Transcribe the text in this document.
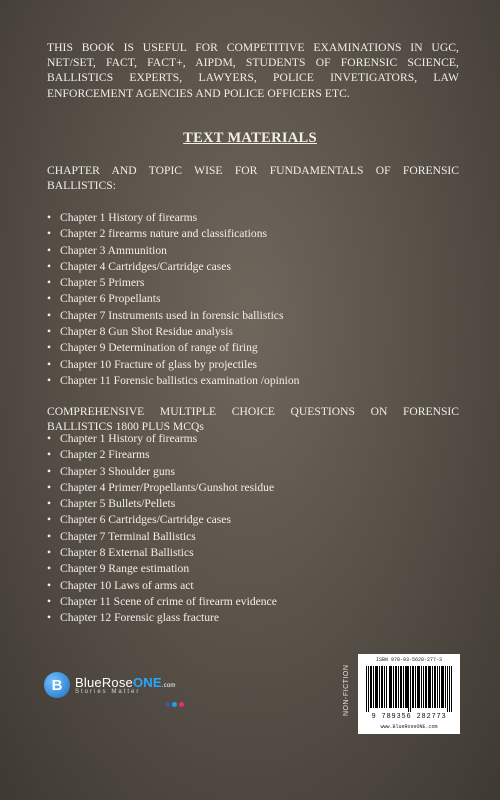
THIS BOOK IS USEFUL FOR COMPETITIVE EXAMINATIONS IN UGC, NET/SET, FACT, FACT+, AIPDM, STUDENTS OF FORENSIC SCIENCE, BALLISTICS EXPERTS, LAWYERS, POLICE INVETIGATORS, LAW ENFORCEMENT AGENCIES AND POLICE OFFICERS ETC.
TEXT MATERIALS
CHAPTER AND TOPIC WISE FOR FUNDAMENTALS OF FORENSIC BALLISTICS:
• Chapter 1 History of firearms
• Chapter 2 firearms nature and classifications
• Chapter 3 Ammunition
• Chapter 4 Cartridges/Cartridge cases
• Chapter 5 Primers
• Chapter 6 Propellants
• Chapter 7 Instruments used in forensic ballistics
• Chapter 8 Gun Shot Residue analysis
• Chapter 9 Determination of range of firing
• Chapter 10 Fracture of glass by projectiles
• Chapter 11 Forensic ballistics examination /opinion
COMPREHENSIVE MULTIPLE CHOICE QUESTIONS ON FORENSIC BALLISTICS 1800 PLUS MCQs
• Chapter 1 History of firearms
• Chapter 2 Firearms
• Chapter 3 Shoulder guns
• Chapter 4 Primer/Propellants/Gunshot residue
• Chapter 5 Bullets/Pellets
• Chapter 6 Cartridges/Cartridge cases
• Chapter 7 Terminal Ballistics
• Chapter 8 External Ballistics
• Chapter 9 Range estimation
• Chapter 10 Laws of arms act
• Chapter 11 Scene of crime of firearm evidence
• Chapter 12 Forensic glass fracture
B BlueRoseONE.com
Stories Matter	NON-FICTION
ISBN 978-93-5628-277-3
9 789356 282773
www.BlueRoseONE.com
